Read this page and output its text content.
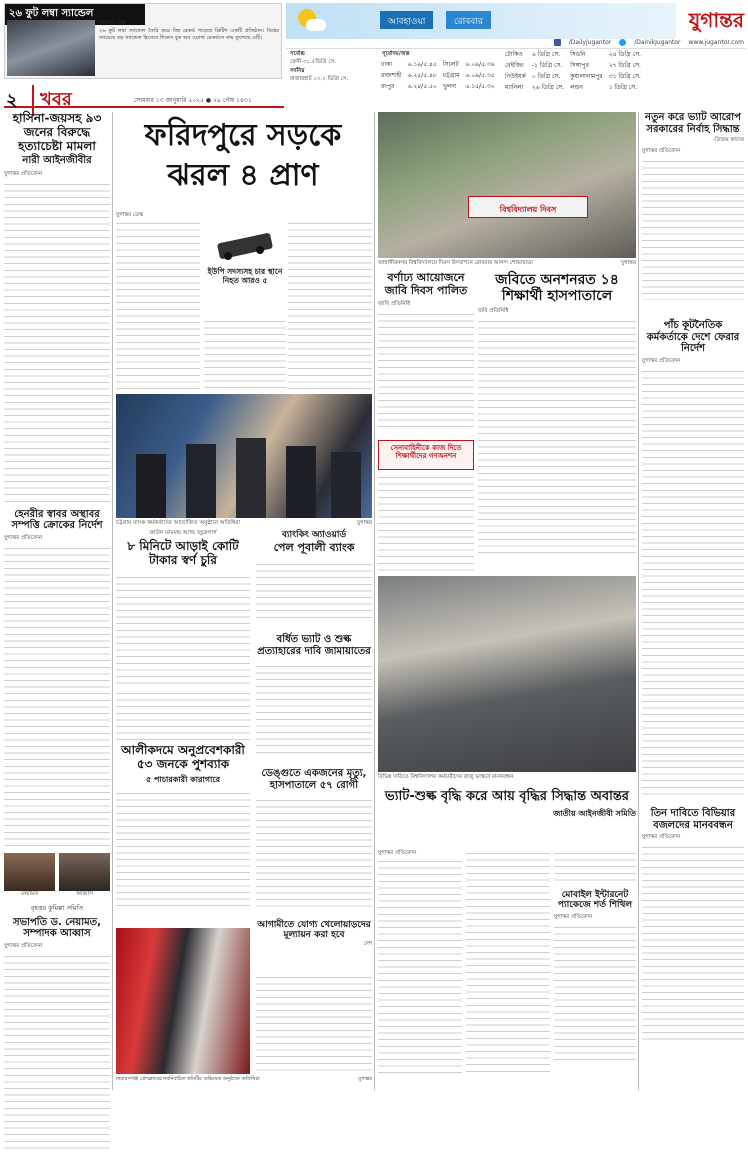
২৬ ফুট লম্বা স্যান্ডেল
যুগান্তর ডেস্ক
২৬ ফুট লম্বা স্যান্ডেল তৈরি করে বিশ্ব রেকর্ড গড়েছে ব্রিটিশ একটি প্রতিষ্ঠান। বিশ্বের সবচেয়ে বড় স্যান্ডেল হিসেবে গিনেস বুক অব ওয়ার্ল্ড রেকর্ডসে নাম তুলেছে এটি।
আবহাওয়া	রোববার	যুগান্তর
/Dailyjugantor	/DainikJugantor www.jugantor.com
সর্বোচ্চ
ফেনী ৩১.৫ডিগ্রি সে.
সর্বনিম্ন
রাজারহাট ১০.২ ডিগ্রি সে.
সূর্যোদয়/অস্ত
ঢাকা	৬.১৯/৫.৪৫	সিলেট	৬.০৯/৫.৩৬
রাজশাহী	৬.২৫/৫.৪৮	চট্টগ্রাম	৬.০৯/৫.৩৫
রংপুর	৬.২৪/৫.৫০	খুলনা	৬.১৫/৫.৩২
টোকিও	৬ ডিগ্রি সে.	সিডনি	২৪ ডিগ্রি সে.
বেইজিং	-১ ডিগ্রি সে.	সিঙ্গাপুর	২৭ ডিগ্রি সে.
নিউইয়র্ক	০ ডিগ্রি সে.	কুয়ালালামপুর	৩১ ডিগ্রি সে.
ম্যানিলা	২৬ ডিগ্রি সে.	লন্ডন	১ ডিগ্রি সে.
২	খবর	সোমবার ১৩ জানুয়ারি ২০২৫ ● ২৯ পৌষ ১৪৩১
হাসিনা-জয়সহ ৯৩ জনের বিরুদ্ধে হত্যাচেষ্টা মামলা
নারী আইনজীবীর
যুগান্তর প্রতিবেদন
হেনরীর স্বাবর অস্থাবর সম্পত্তি ক্রোকের নির্দেশ
যুগান্তর প্রতিবেদন
নেয়ামত	আব্বাস
বৃহত্তর কুমিল্লা সমিতি
সভাপতি ড. নেয়ামত, সম্পাদক আব্বাস
যুগান্তর প্রতিবেদন
ফরিদপুরে সড়কে
ঝরল ৪ প্রাণ
যুগান্তর ডেস্ক
ইউপি সদস্যসহ চার স্থানে নিহত আরও ৫
চট্টগ্রাম ব্যাংক কর্মকর্তাদের আয়োজিত অনুষ্ঠানে অতিথিরা	যুগান্তর
ক্রাউন ডায়মন্ড অ্যান্ড জুয়েলার্স
৮ মিনিটে আড়াই কোটি টাকার স্বর্ণ চুরি
ব্যাংকিং অ্যাওয়ার্ড
পেল পূবালী ব্যাংক
বর্ধিত ভ্যাট ও শুল্ক প্রত্যাহারের দাবি জামায়াতের
আলীকদমে অনুপ্রবেশকারী ৫৩ জনকে পুশব্যাক
৫ পাচারকারী কারাগারে
ডেঙ্গুতে একজনের মৃত্যু, হাসপাতালে ৫৭ রোগী
আগামীতে যোগ্য খেলোয়াড়দের মূল্যায়ন করা হবে
দেশ
নারায়ণগঞ্জ প্রেসক্লাবের নবনির্বাচিত কমিটির অভিষেক অনুষ্ঠানে অতিথিরা	যুগান্তর
বিশ্ববিদ্যালয় দিবস
জাহাঙ্গীরনগর বিশ্ববিদ্যালয়ে দিবস উদযাপনে রোববার আনন্দ শোভাযাত্রা	যুগান্তর
বর্ণাঢ্য আয়োজনে জাবি দিবস পালিত
জাবি প্রতিনিধি
জবিতে অনশনরত ১৪ শিক্ষার্থী হাসপাতালে
জবি প্রতিনিধি
সেনাবাহিনীকে কাজ দিতে শিক্ষার্থীদের গণঅনশন
বিভিন্ন দাবিতে বিশ্ববিদ্যালয় কর্মচারীদের রাজু ভাস্কর্যে মানববন্ধন
ভ্যাট-শুল্ক বৃদ্ধি করে আয় বৃদ্ধির সিদ্ধান্ত অবান্তর
জাতীয় আইনজীবী সমিতি
যুগান্তর প্রতিবেদন
মোবাইল ইন্টারনেট প্যাকেজে শর্ত শিথিল
যুগান্তর প্রতিবেদন
নতুন করে ভ্যাট আরোপ সরকারের নির্বাহ সিদ্ধান্ত
-গ্রিজম কাদের
যুগান্তর প্রতিবেদন
পাঁচ কূটনৈতিক কর্মকর্তাকে দেশে ফেরার নির্দেশ
যুগান্তর প্রতিবেদন
তিন দাবিতে বিভিয়ার বজলদের মানববন্ধন
যুগান্তর প্রতিবেদন
